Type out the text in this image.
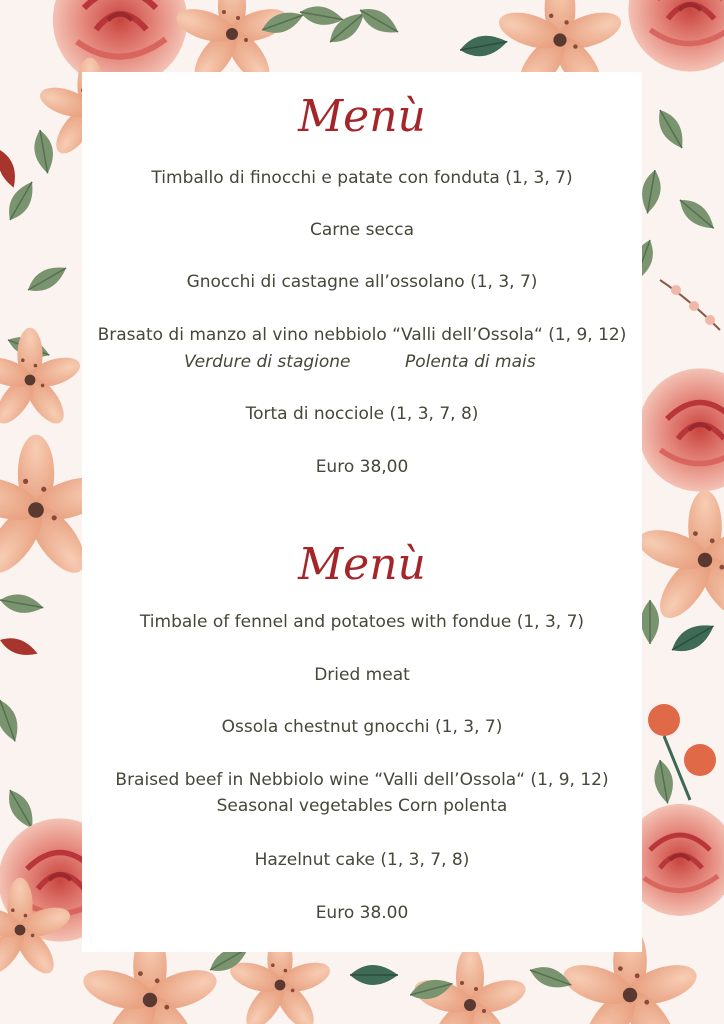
Menù

Timballo di finocchi e patate con fonduta (1, 3, 7)

Carne secca

Gnocchi di castagne all’ossolano (1, 3, 7)

Brasato di manzo al vino nebbiolo “Valli dell’Ossola“ (1, 9, 12)

Verdure di stagione	Polenta di mais

Torta di nocciole (1, 3, 7, 8)

Euro 38,00

Menù

Timbale of fennel and potatoes with fondue (1, 3, 7)

Dried meat

Ossola chestnut gnocchi (1, 3, 7)

Braised beef in Nebbiolo wine “Valli dell’Ossola“ (1, 9, 12)

Seasonal vegetables Corn polenta

Hazelnut cake (1, 3, 7, 8)

Euro 38.00
